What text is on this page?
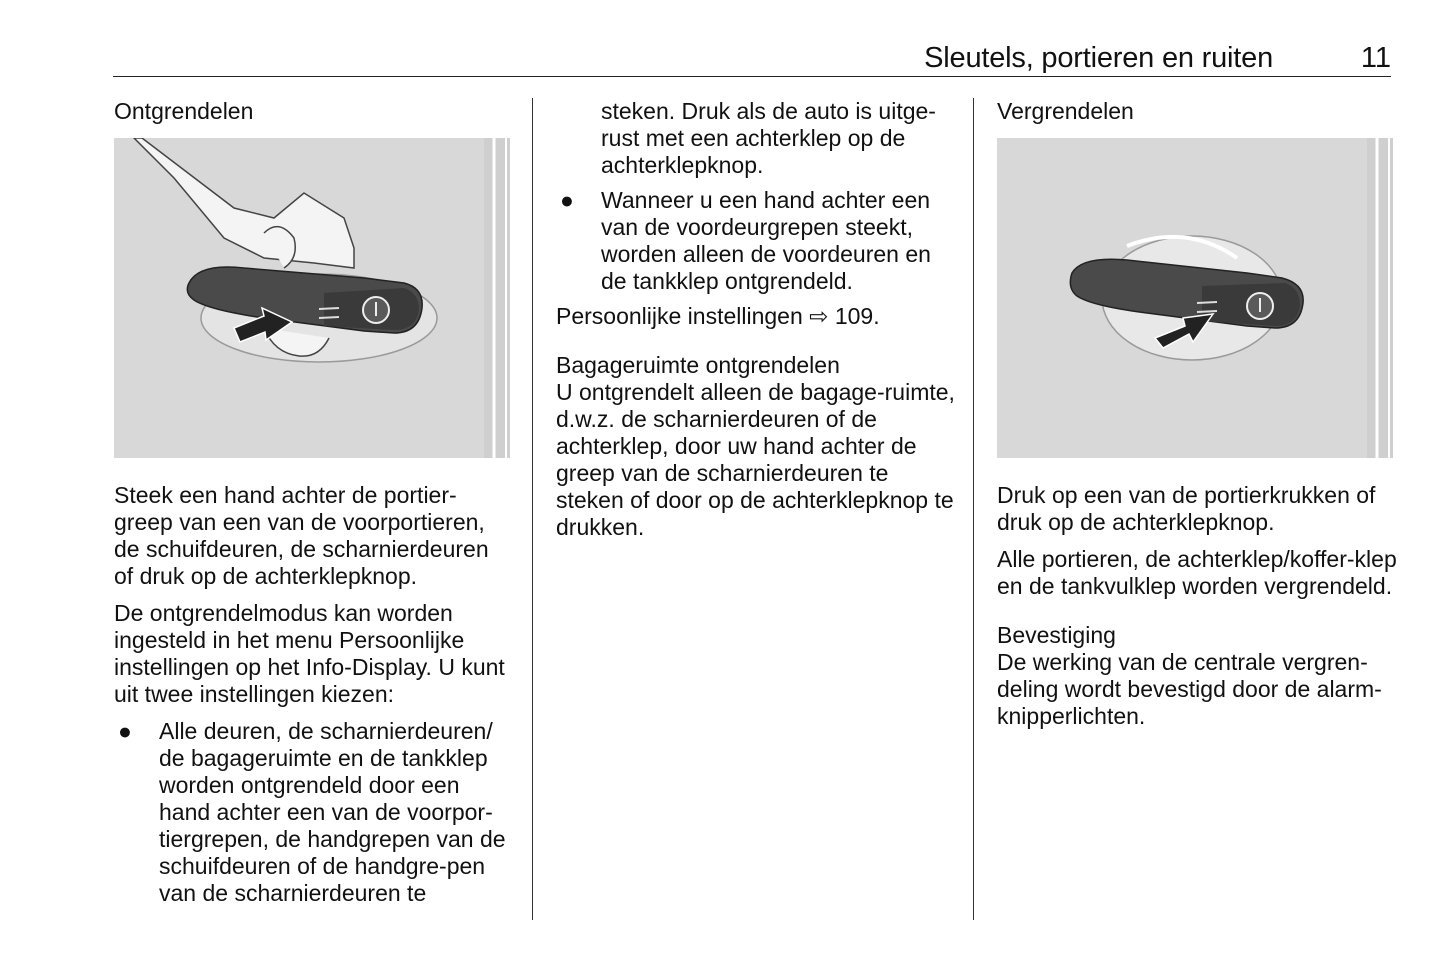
Sleutels, portieren en ruiten	11

Ontgrendelen

Steek een hand achter de portier-greep van een van de voorportieren, de schuifdeuren, de scharnierdeuren of druk op de achterklepknop.

De ontgrendelmodus kan worden ingesteld in het menu Persoonlijke instellingen op het Info-Display. U kunt uit twee instellingen kiezen:

● Alle deuren, de scharnierdeuren/ de bagageruimte en de tankklep worden ontgrendeld door een hand achter een van de voorpor-tiergrepen, de handgrepen van de schuifdeuren of de handgre-pen van de scharnierdeuren te

steken. Druk als de auto is uitge-rust met een achterklep op de achterklepknop.

● Wanneer u een hand achter een van de voordeurgrepen steekt, worden alleen de voordeuren en de tankklep ontgrendeld.

Persoonlijke instellingen ⇨ 109.

Bagageruimte ontgrendelen

U ontgrendelt alleen de bagage-ruimte, d.w.z. de scharnierdeuren of de achterklep, door uw hand achter de greep van de scharnierdeuren te steken of door op de achterklepknop te drukken.

Vergrendelen

Druk op een van de portierkrukken of druk op de achterklepknop.

Alle portieren, de achterklep/koffer-klep en de tankvulklep worden vergrendeld.

Bevestiging

De werking van de centrale vergren-deling wordt bevestigd door de alarm-knipperlichten.
